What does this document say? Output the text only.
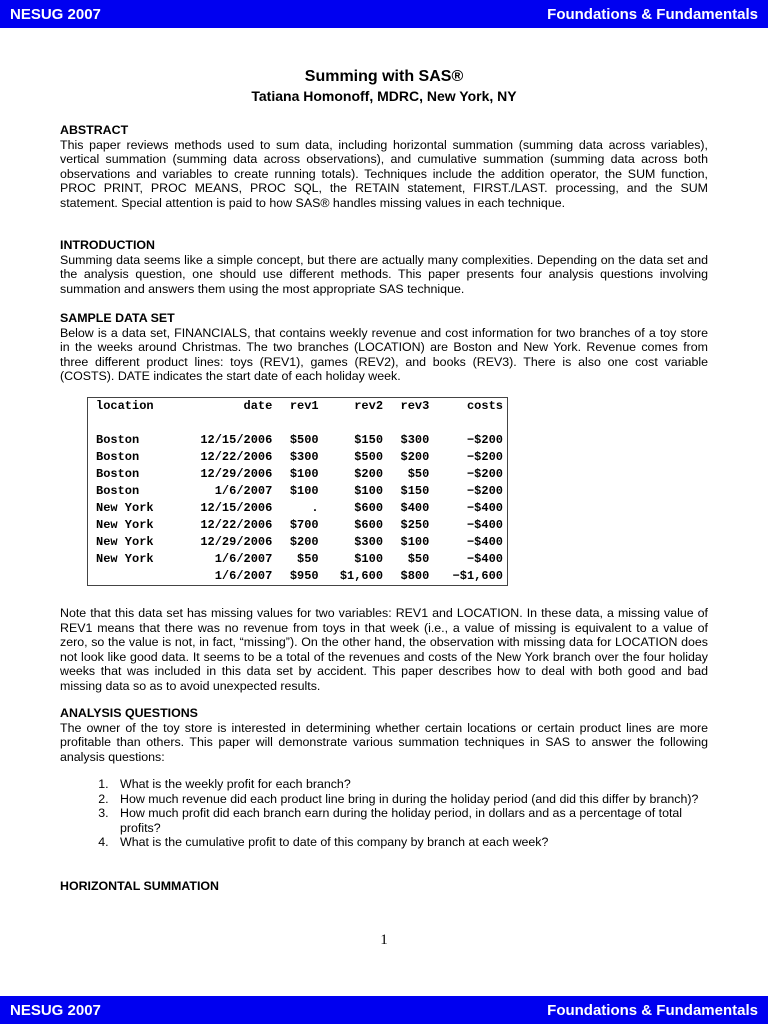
NESUG 2007	Foundations & Fundamentals
Summing with SAS®
Tatiana Homonoff, MDRC, New York, NY
ABSTRACT

This paper reviews methods used to sum data, including horizontal summation (summing data across variables), vertical summation (summing data across observations), and cumulative summation (summing data across both observations and variables to create running totals). Techniques include the addition operator, the SUM function, PROC PRINT, PROC MEANS, PROC SQL, the RETAIN statement, FIRST./LAST. processing, and the SUM statement. Special attention is paid to how SAS® handles missing values in each technique.

INTRODUCTION

Summing data seems like a simple concept, but there are actually many complexities. Depending on the data set and the analysis question, one should use different methods. This paper presents four analysis questions involving summation and answers them using the most appropriate SAS technique.

SAMPLE DATA SET

Below is a data set, FINANCIALS, that contains weekly revenue and cost information for two branches of a toy store in the weeks around Christmas. The two branches (LOCATION) are Boston and New York. Revenue comes from three different product lines: toys (REV1), games (REV2), and books (REV3). There is also one cost variable (COSTS). DATE indicates the start date of each holiday week.

location	date	rev1	rev2	rev3	costs
Boston	12/15/2006	$500	$150	$300	−$200
Boston	12/22/2006	$300	$500	$200	−$200
Boston	12/29/2006	$100	$200	$50	−$200
Boston	1/6/2007	$100	$100	$150	−$200
New York	12/15/2006	.	$600	$400	−$400
New York	12/22/2006	$700	$600	$250	−$400
New York	12/29/2006	$200	$300	$100	−$400
New York	1/6/2007	$50	$100	$50	−$400
	1/6/2007	$950	$1,600	$800	−$1,600

Note that this data set has missing values for two variables: REV1 and LOCATION. In these data, a missing value of REV1 means that there was no revenue from toys in that week (i.e., a value of missing is equivalent to a value of zero, so the value is not, in fact, “missing”). On the other hand, the observation with missing data for LOCATION does not look like good data. It seems to be a total of the revenues and costs of the New York branch over the four holiday weeks that was included in this data set by accident. This paper describes how to deal with both good and bad missing data so as to avoid unexpected results.

ANALYSIS QUESTIONS

The owner of the toy store is interested in determining whether certain locations or certain product lines are more profitable than others. This paper will demonstrate various summation techniques in SAS to answer the following analysis questions:

1. What is the weekly profit for each branch?
2. How much revenue did each product line bring in during the holiday period (and did this differ by branch)?
3. How much profit did each branch earn during the holiday period, in dollars and as a percentage of total profits?
4. What is the cumulative profit to date of this company by branch at each week?
HORIZONTAL SUMMATION
1
NESUG 2007	Foundations & Fundamentals
